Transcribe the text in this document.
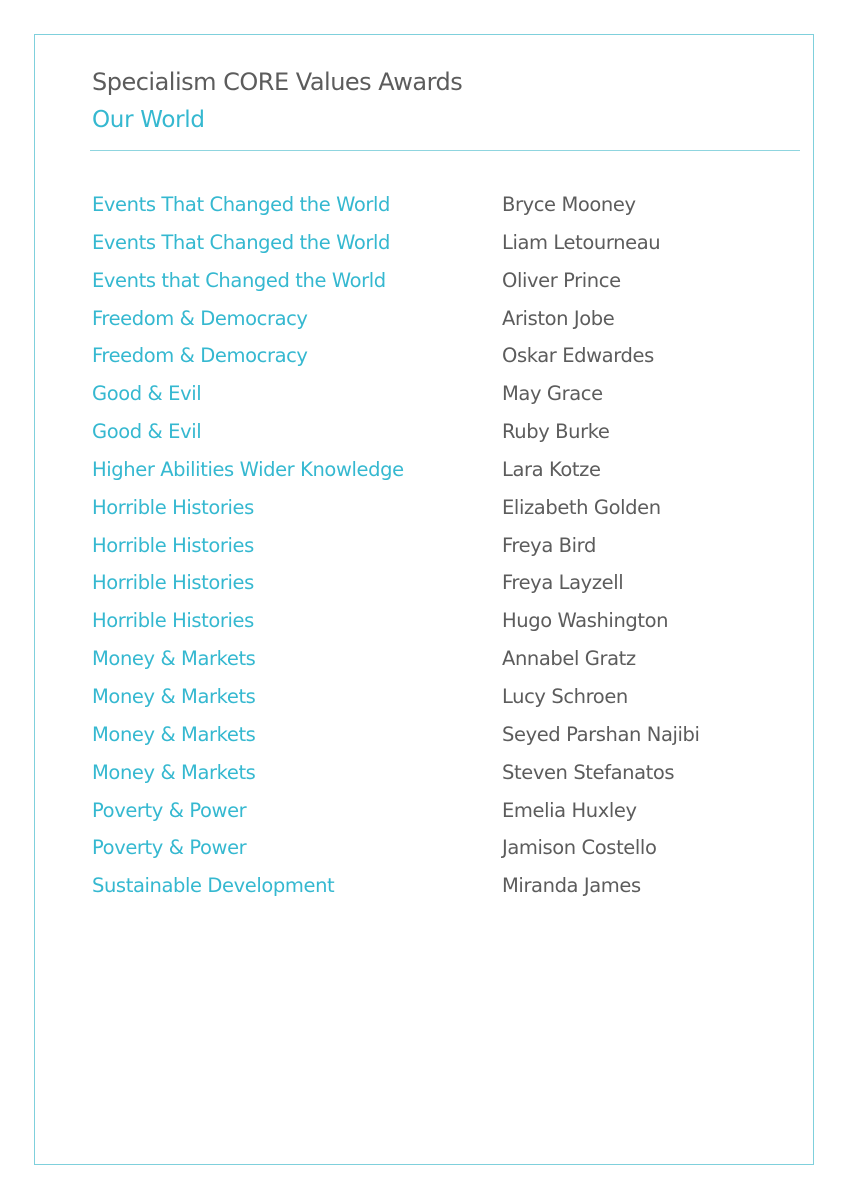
Specialism CORE Values Awards
Our World
Events That Changed the World	Bryce Mooney
Events That Changed the World	Liam Letourneau
Events that Changed the World	Oliver Prince
Freedom & Democracy	Ariston Jobe
Freedom & Democracy	Oskar Edwardes
Good & Evil	May Grace
Good & Evil	Ruby Burke
Higher Abilities Wider Knowledge	Lara Kotze
Horrible Histories	Elizabeth Golden
Horrible Histories	Freya Bird
Horrible Histories	Freya Layzell
Horrible Histories	Hugo Washington
Money & Markets	Annabel Gratz
Money & Markets	Lucy Schroen
Money & Markets	Seyed Parshan Najibi
Money & Markets	Steven Stefanatos
Poverty & Power	Emelia Huxley
Poverty & Power	Jamison Costello
Sustainable Development	Miranda James
